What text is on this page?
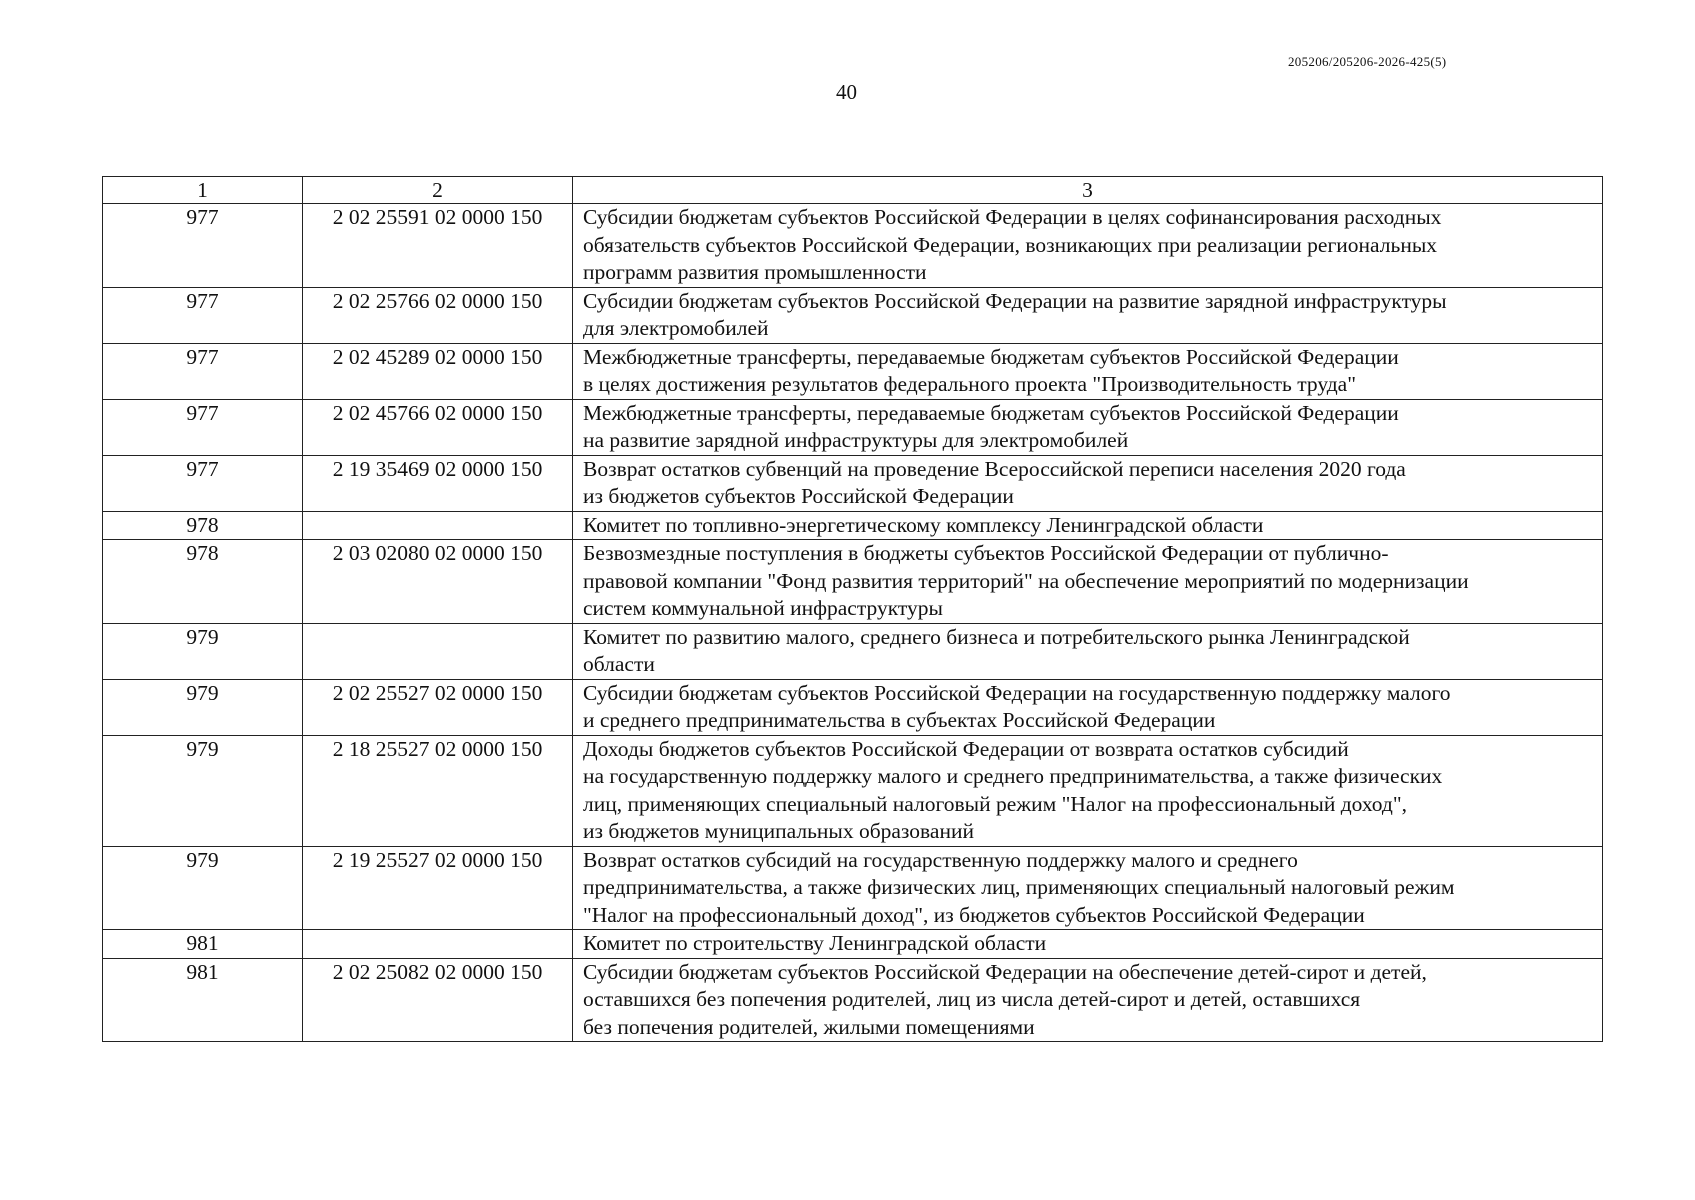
205206/205206-2026-425(5)
40
1	2	3
977	2 02 25591 02 0000 150	Субсидии бюджетам субъектов Российской Федерации в целях софинансирования расходных
обязательств субъектов Российской Федерации, возникающих при реализации региональных
программ развития промышленности

977	2 02 25766 02 0000 150	Субсидии бюджетам субъектов Российской Федерации на развитие зарядной инфраструктуры
для электромобилей

977	2 02 45289 02 0000 150	Межбюджетные трансферты, передаваемые бюджетам субъектов Российской Федерации
в целях достижения результатов федерального проекта "Производительность труда"

977	2 02 45766 02 0000 150	Межбюджетные трансферты, передаваемые бюджетам субъектов Российской Федерации
на развитие зарядной инфраструктуры для электромобилей

977	2 19 35469 02 0000 150	Возврат остатков субвенций на проведение Всероссийской переписи населения 2020 года
из бюджетов субъектов Российской Федерации

978		Комитет по топливно-энергетическому комплексу Ленинградской области

978	2 03 02080 02 0000 150	Безвозмездные поступления в бюджеты субъектов Российской Федерации от публично-
правовой компании "Фонд развития территорий" на обеспечение мероприятий по модернизации
систем коммунальной инфраструктуры

979		Комитет по развитию малого, среднего бизнеса и потребительского рынка Ленинградской
области

979	2 02 25527 02 0000 150	Субсидии бюджетам субъектов Российской Федерации на государственную поддержку малого
и среднего предпринимательства в субъектах Российской Федерации

979	2 18 25527 02 0000 150	Доходы бюджетов субъектов Российской Федерации от возврата остатков субсидий
на государственную поддержку малого и среднего предпринимательства, а также физических
лиц, применяющих специальный налоговый режим "Налог на профессиональный доход",
из бюджетов муниципальных образований

979	2 19 25527 02 0000 150	Возврат остатков субсидий на государственную поддержку малого и среднего
предпринимательства, а также физических лиц, применяющих специальный налоговый режим
"Налог на профессиональный доход", из бюджетов субъектов Российской Федерации

981		Комитет по строительству Ленинградской области

981	2 02 25082 02 0000 150	Субсидии бюджетам субъектов Российской Федерации на обеспечение детей-сирот и детей,
оставшихся без попечения родителей, лиц из числа детей-сирот и детей, оставшихся
без попечения родителей, жилыми помещениями
